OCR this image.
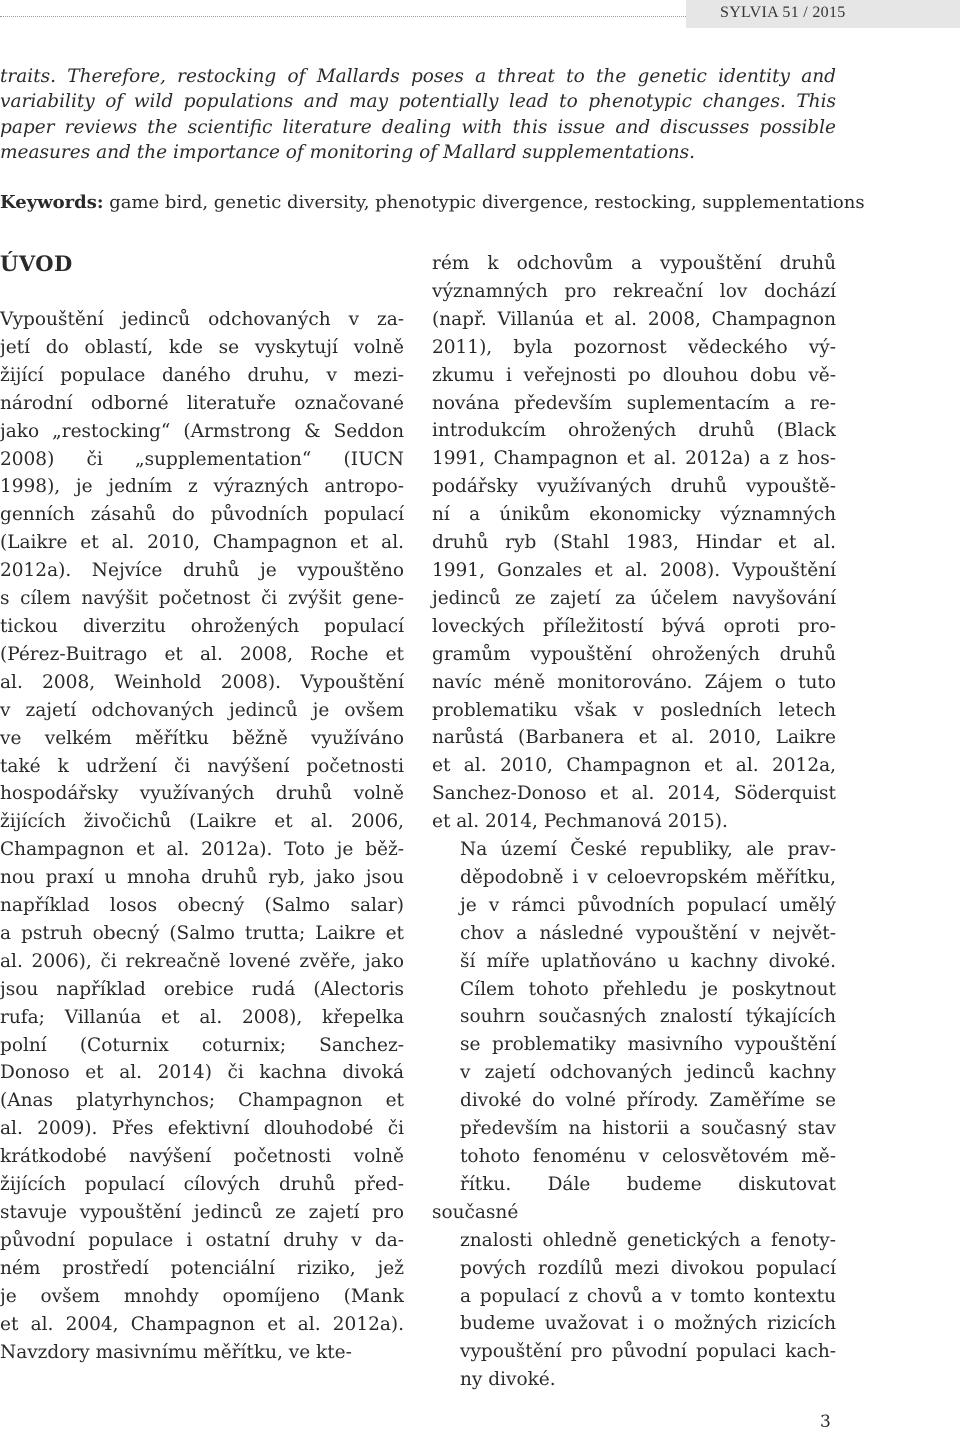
SYLVIA 51 / 2015

traits. Therefore, restocking of Mallards poses a threat to the genetic identity and variability of wild populations and may potentially lead to phenotypic changes. This paper reviews the scientific literature dealing with this issue and discusses possible measures and the importance of monitoring of Mallard supplementations.

Keywords: game bird, genetic diversity, phenotypic divergence, restocking, supplementations

ÚVOD

Vypouštění jedinců odchovaných v za-
jetí do oblastí, kde se vyskytují volně
žijící populace daného druhu, v mezi-
národní odborné literatuře označované
jako „restocking“ (Armstrong & Seddon
2008) či „supplementation“ (IUCN
1998), je jedním z výrazných antropo-
genních zásahů do původních populací
(Laikre et al. 2010, Champagnon et al.
2012a). Nejvíce druhů je vypouštěno
s cílem navýšit početnost či zvýšit gene-
tickou diverzitu ohrožených populací
(Pérez-Buitrago et al. 2008, Roche et
al. 2008, Weinhold 2008). Vypouštění
v zajetí odchovaných jedinců je ovšem
ve velkém měřítku běžně využíváno
také k udržení či navýšení početnosti
hospodářsky využívaných druhů volně
žijících živočichů (Laikre et al. 2006,
Champagnon et al. 2012a). Toto je běž-
nou praxí u mnoha druhů ryb, jako jsou
například losos obecný (Salmo salar)
a pstruh obecný (Salmo trutta; Laikre et
al. 2006), či rekreačně lovené zvěře, jako
jsou například orebice rudá (Alectoris
rufa; Villanúa et al. 2008), křepelka
polní (Coturnix coturnix; Sanchez-
Donoso et al. 2014) či kachna divoká
(Anas platyrhynchos; Champagnon et
al. 2009). Přes efektivní dlouhodobé či
krátkodobé navýšení početnosti volně
žijících populací cílových druhů před-
stavuje vypouštění jedinců ze zajetí pro
původní populace i ostatní druhy v da-
ném prostředí potenciální riziko, jež
je ovšem mnohdy opomíjeno (Mank
et al. 2004, Champagnon et al. 2012a).
Navzdory masivnímu měřítku, ve kte-

rém k odchovům a vypouštění druhů
významných pro rekreační lov dochází
(např. Villanúa et al. 2008, Champagnon
2011), byla pozornost vědeckého vý-
zkumu i veřejnosti po dlouhou dobu vě-
nována především suplementacím a re-
introdukcím ohrožených druhů (Black
1991, Champagnon et al. 2012a) a z hos-
podářsky využívaných druhů vypouště-
ní a únikům ekonomicky významných
druhů ryb (Stahl 1983, Hindar et al.
1991, Gonzales et al. 2008). Vypouštění
jedinců ze zajetí za účelem navyšování
loveckých příležitostí bývá oproti pro-
gramům vypouštění ohrožených druhů
navíc méně monitorováno. Zájem o tuto
problematiku však v posledních letech
narůstá (Barbanera et al. 2010, Laikre
et al. 2010, Champagnon et al. 2012a,
Sanchez-Donoso et al. 2014, Söderquist
et al. 2014, Pechmanová 2015).

Na území České republiky, ale prav-
děpodobně i v celoevropském měřítku,
je v rámci původních populací umělý
chov a následné vypouštění v největ-
ší míře uplatňováno u kachny divoké.
Cílem tohoto přehledu je poskytnout
souhrn současných znalostí týkajících
se problematiky masivního vypouštění
v zajetí odchovaných jedinců kachny
divoké do volné přírody. Zaměříme se
především na historii a současný stav
tohoto fenoménu v celosvětovém mě-
řítku. Dále budeme diskutovat současné
znalosti ohledně genetických a fenoty-
pových rozdílů mezi divokou populací
a populací z chovů a v tomto kontextu
budeme uvažovat i o možných rizicích
vypouštění pro původní populaci kach-
ny divoké.

3
